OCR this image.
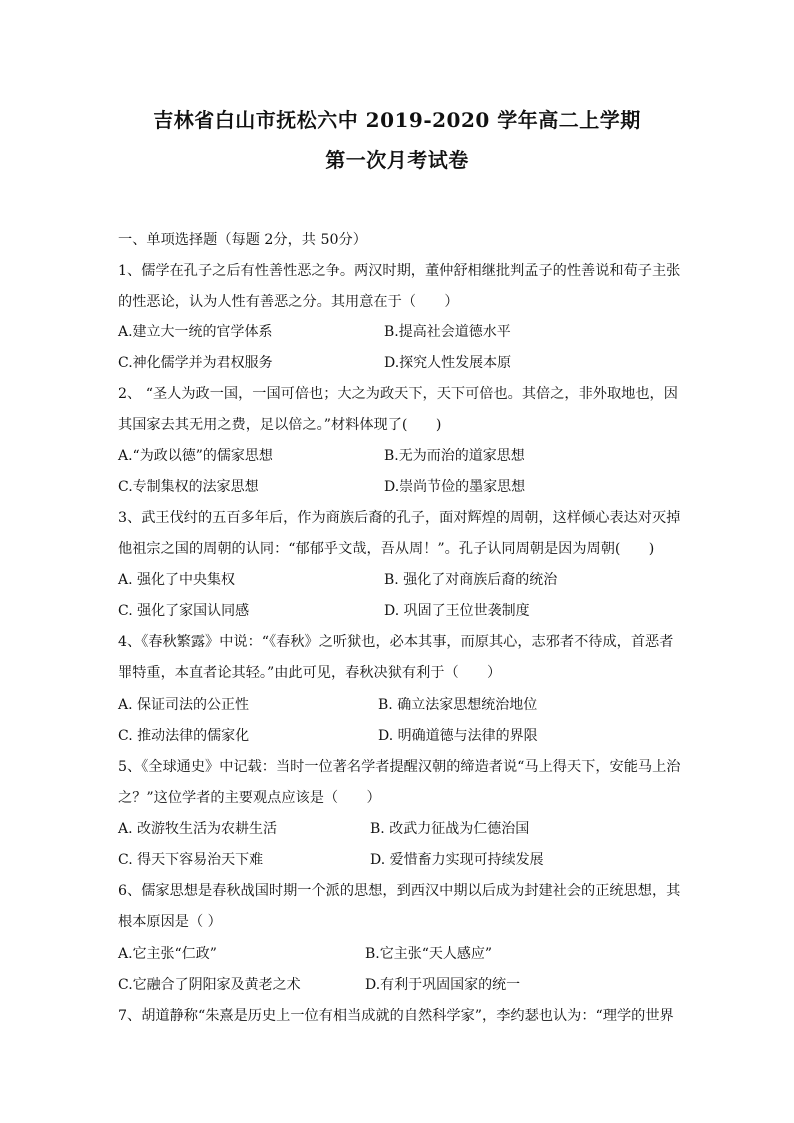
吉林省白山市抚松六中 2019-2020 学年高二上学期
第一次月考试卷
一、单项选择题（每题 2分，共 50分）
1、儒学在孔子之后有性善性恶之争。两汉时期，董仲舒相继批判孟子的性善说和荀子主张
的性恶论，认为人性有善恶之分。其用意在于（　　）
A.建立大一统的官学体系	B.提高社会道德水平
C.神化儒学并为君权服务	D.探究人性发展本原
2、 “圣人为政一国，一国可倍也；大之为政天下，天下可倍也。其倍之，非外取地也，因
其国家去其无用之费，足以倍之。”材料体现了(　　)
A.“为政以德”的儒家思想	B.无为而治的道家思想
C.专制集权的法家思想	D.崇尚节俭的墨家思想
3、武王伐纣的五百多年后，作为商族后裔的孔子，面对辉煌的周朝，这样倾心表达对灭掉
他祖宗之国的周朝的认同：“郁郁乎文哉，吾从周！”。孔子认同周朝是因为周朝(　　)
A. 强化了中央集权	B. 强化了对商族后裔的统治
C. 强化了家国认同感	D. 巩固了王位世袭制度
4、《春秋繁露》中说：“《春秋》之听狱也，必本其事，而原其心，志邪者不待成，首恶者
罪特重，本直者论其轻。”由此可见，春秋决狱有利于（　　）
A. 保证司法的公正性	B. 确立法家思想统治地位
C. 推动法律的儒家化	D. 明确道德与法律的界限
5、《全球通史》中记载：当时一位著名学者提醒汉朝的缔造者说“马上得天下，安能马上治
之？”这位学者的主要观点应该是（　　）
A. 改游牧生活为农耕生活	B. 改武力征战为仁德治国
C. 得天下容易治天下难	D. 爱惜畜力实现可持续发展
6、儒家思想是春秋战国时期一个派的思想，到西汉中期以后成为封建社会的正统思想，其
根本原因是（ ）
A.它主张“仁政”	B.它主张“天人感应”
C.它融合了阴阳家及黄老之术	D.有利于巩固国家的统一
7、胡道静称“朱熹是历史上一位有相当成就的自然科学家”，李约瑟也认为：“理学的世界
